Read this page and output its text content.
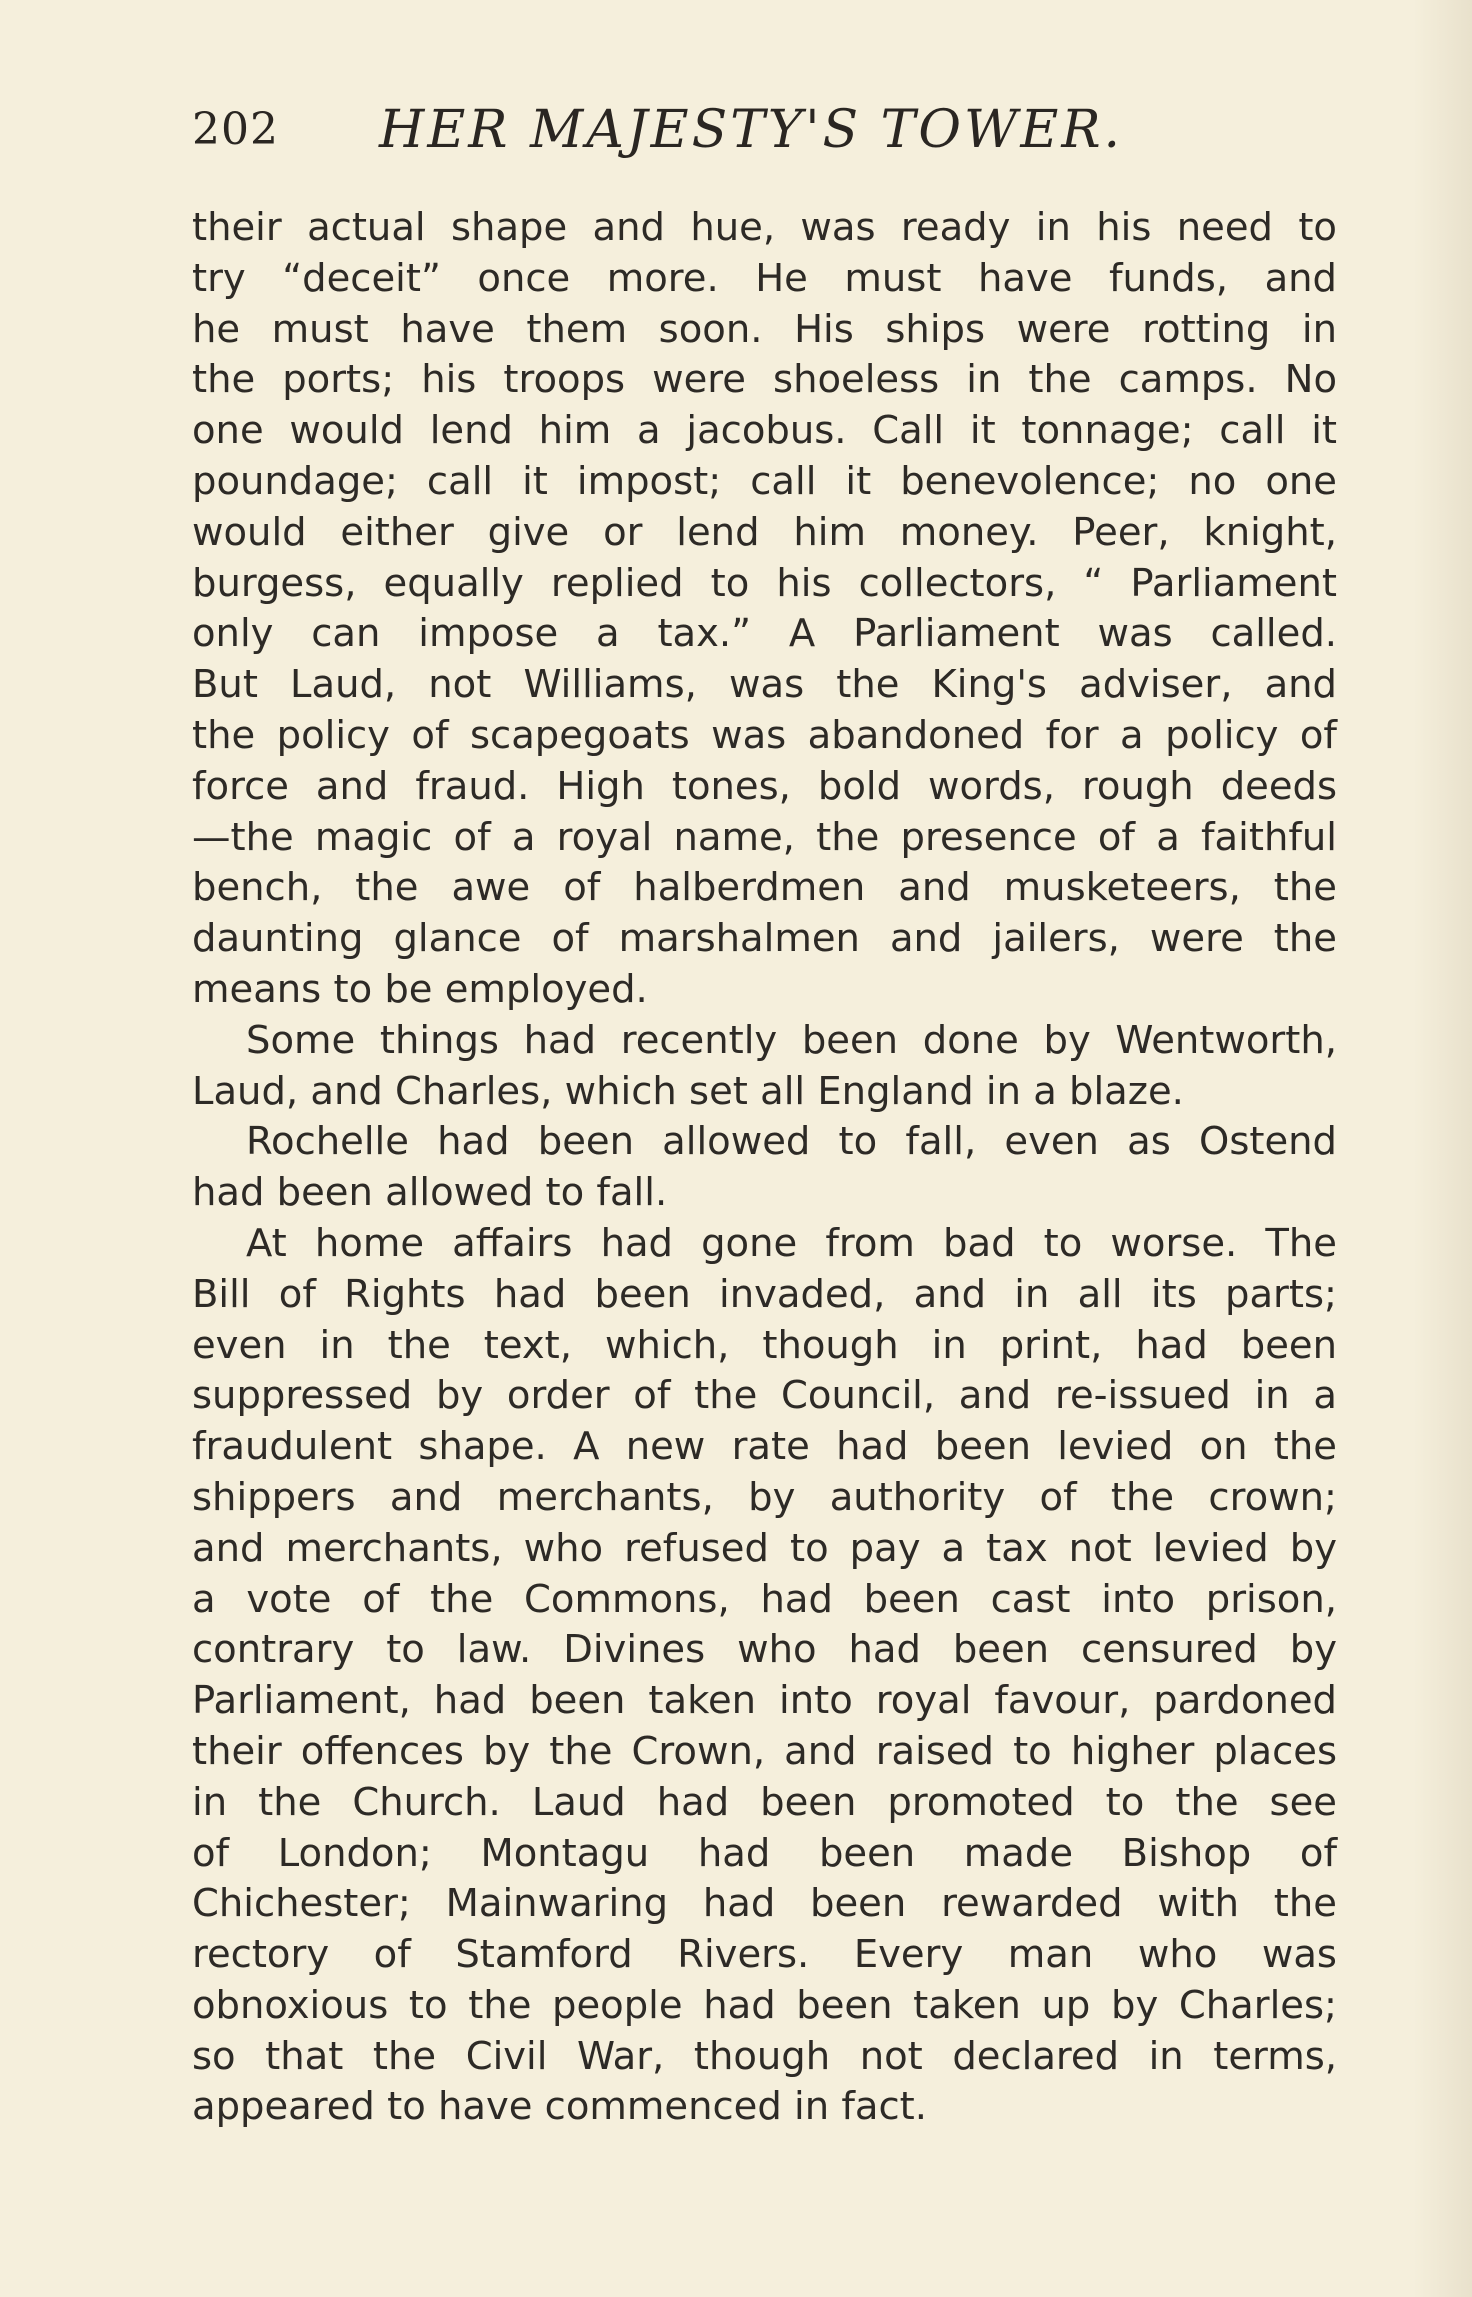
202 HER MAJESTY'S TOWER.
their actual shape and hue, was ready in his need to
try “deceit” once more. He must have funds, and
he must have them soon. His ships were rotting in
the ports; his troops were shoeless in the camps. No
one would lend him a jacobus. Call it tonnage; call it
poundage; call it impost; call it benevolence; no one
would either give or lend him money. Peer, knight,
burgess, equally replied to his collectors, “ Parliament
only can impose a tax.” A Parliament was called.
But Laud, not Williams, was the King's adviser, and
the policy of scapegoats was abandoned for a policy of
force and fraud. High tones, bold words, rough deeds
—the magic of a royal name, the presence of a faithful
bench, the awe of halberdmen and musketeers, the
daunting glance of marshalmen and jailers, were the
means to be employed.
Some things had recently been done by Wentworth,
Laud, and Charles, which set all England in a blaze.
Rochelle had been allowed to fall, even as Ostend
had been allowed to fall.
At home affairs had gone from bad to worse. The
Bill of Rights had been invaded, and in all its parts;
even in the text, which, though in print, had been
suppressed by order of the Council, and re-issued in a
fraudulent shape. A new rate had been levied on the
shippers and merchants, by authority of the crown;
and merchants, who refused to pay a tax not levied by
a vote of the Commons, had been cast into prison,
contrary to law. Divines who had been censured by
Parliament, had been taken into royal favour, pardoned
their offences by the Crown, and raised to higher places
in the Church. Laud had been promoted to the see
of London; Montagu had been made Bishop of
Chichester; Mainwaring had been rewarded with the
rectory of Stamford Rivers. Every man who was
obnoxious to the people had been taken up by Charles;
so that the Civil War, though not declared in terms,
appeared to have commenced in fact.
